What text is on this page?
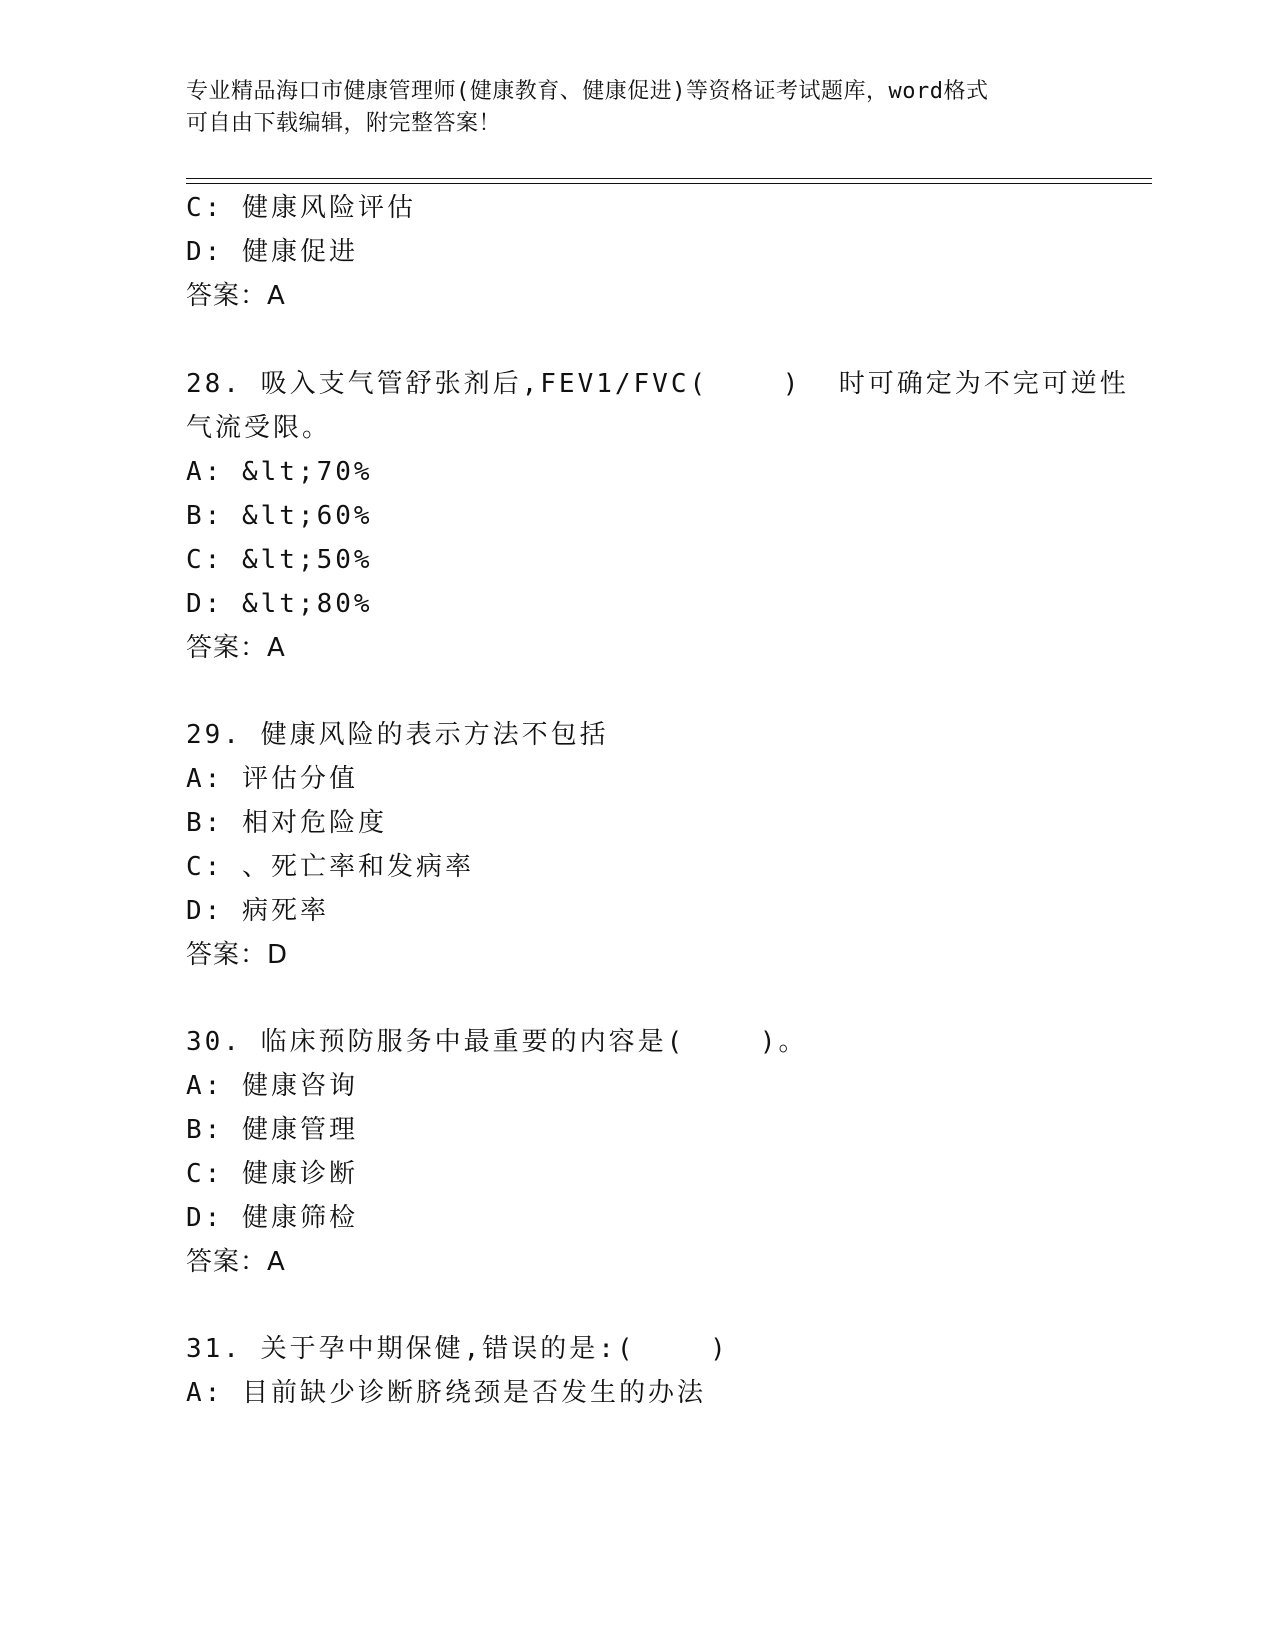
专业精品海口市健康管理师(健康教育、健康促进)等资格证考试题库，word格式
可自由下载编辑，附完整答案！
C: 健康风险评估
D: 健康促进
答案：A
28. 吸入支气管舒张剂后,FEV1/FVC(    )  时可确定为不完可逆性
气流受限。
A: &lt;70%
B: &lt;60%
C: &lt;50%
D: &lt;80%
答案：A
29. 健康风险的表示方法不包括
A: 评估分值
B: 相对危险度
C: 、死亡率和发病率
D: 病死率
答案：D
30. 临床预防服务中最重要的内容是(    )。
A: 健康咨询
B: 健康管理
C: 健康诊断
D: 健康筛检
答案：A
31. 关于孕中期保健,错误的是:(    )
A: 目前缺少诊断脐绕颈是否发生的办法
